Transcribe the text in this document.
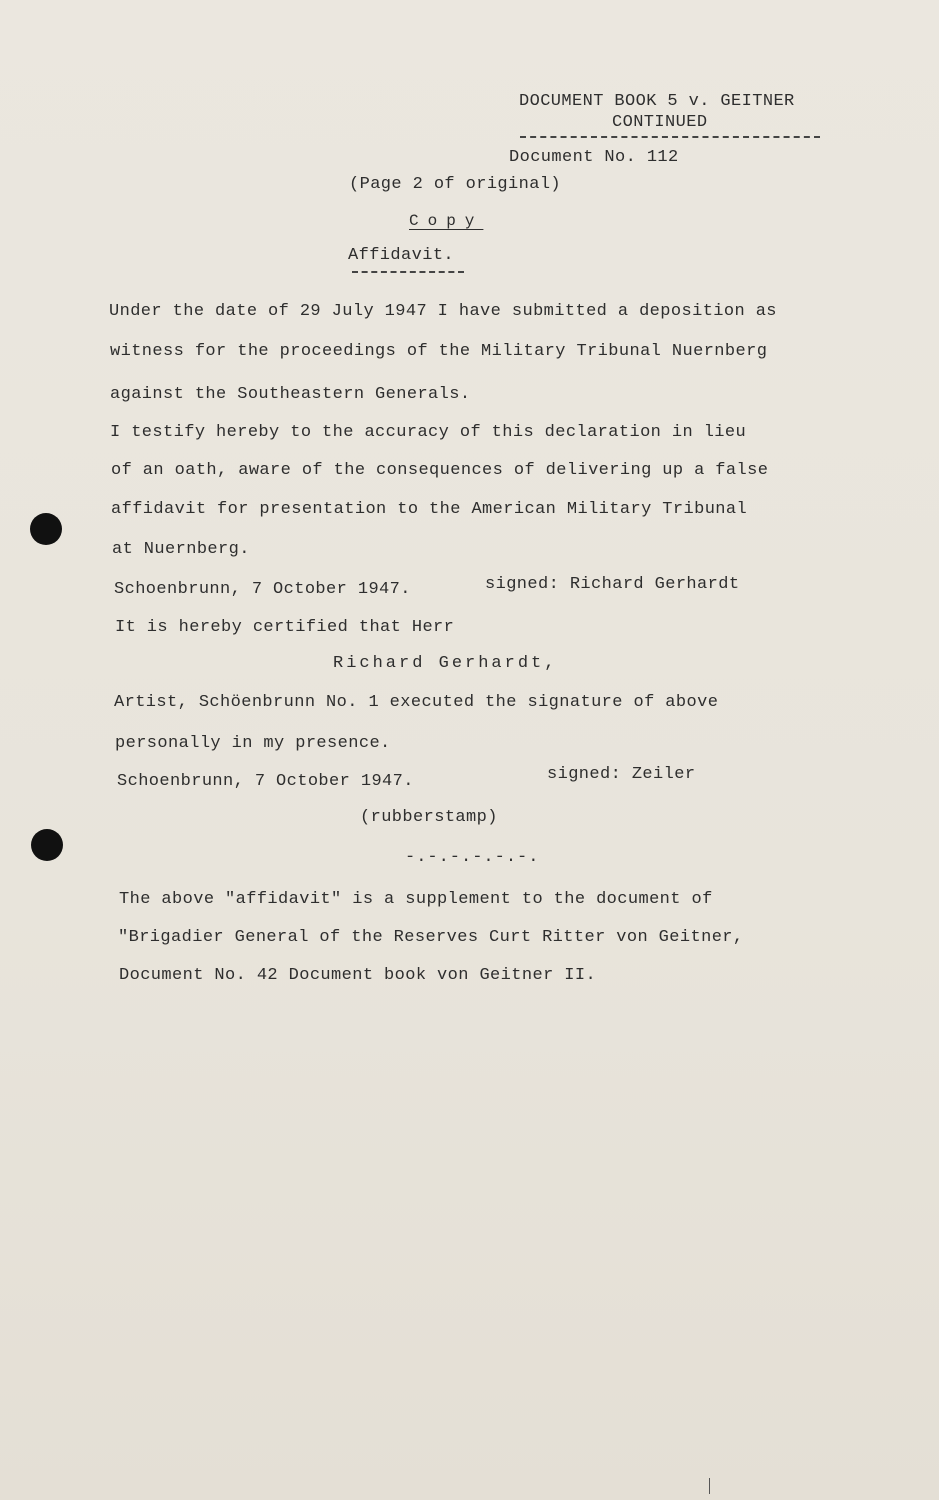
DOCUMENT BOOK 5 v. GEITNER
CONTINUED
Document No. 112
(Page 2 of original)
Copy
Affidavit.
Under the date of 29 July 1947 I have submitted a deposition as
witness for the proceedings of the Military Tribunal Nuernberg
against the Southeastern Generals.
I testify hereby to the accuracy of this declaration in lieu
of an oath, aware of the consequences of delivering up a false
affidavit for presentation to the American Military Tribunal
at Nuernberg.
Schoenbrunn, 7 October 1947.	signed: Richard Gerhardt
It is hereby certified that Herr
Richard Gerhardt,
Artist, Schöenbrunn No. 1 executed the signature of above
personally in my presence.
Schoenbrunn, 7 October 1947.	signed: Zeiler
(rubberstamp)
-.-.-.-.-.-.
The above "affidavit" is a supplement to the document of
"Brigadier General of the Reserves Curt Ritter von Geitner,
Document No. 42 Document book von Geitner II.
